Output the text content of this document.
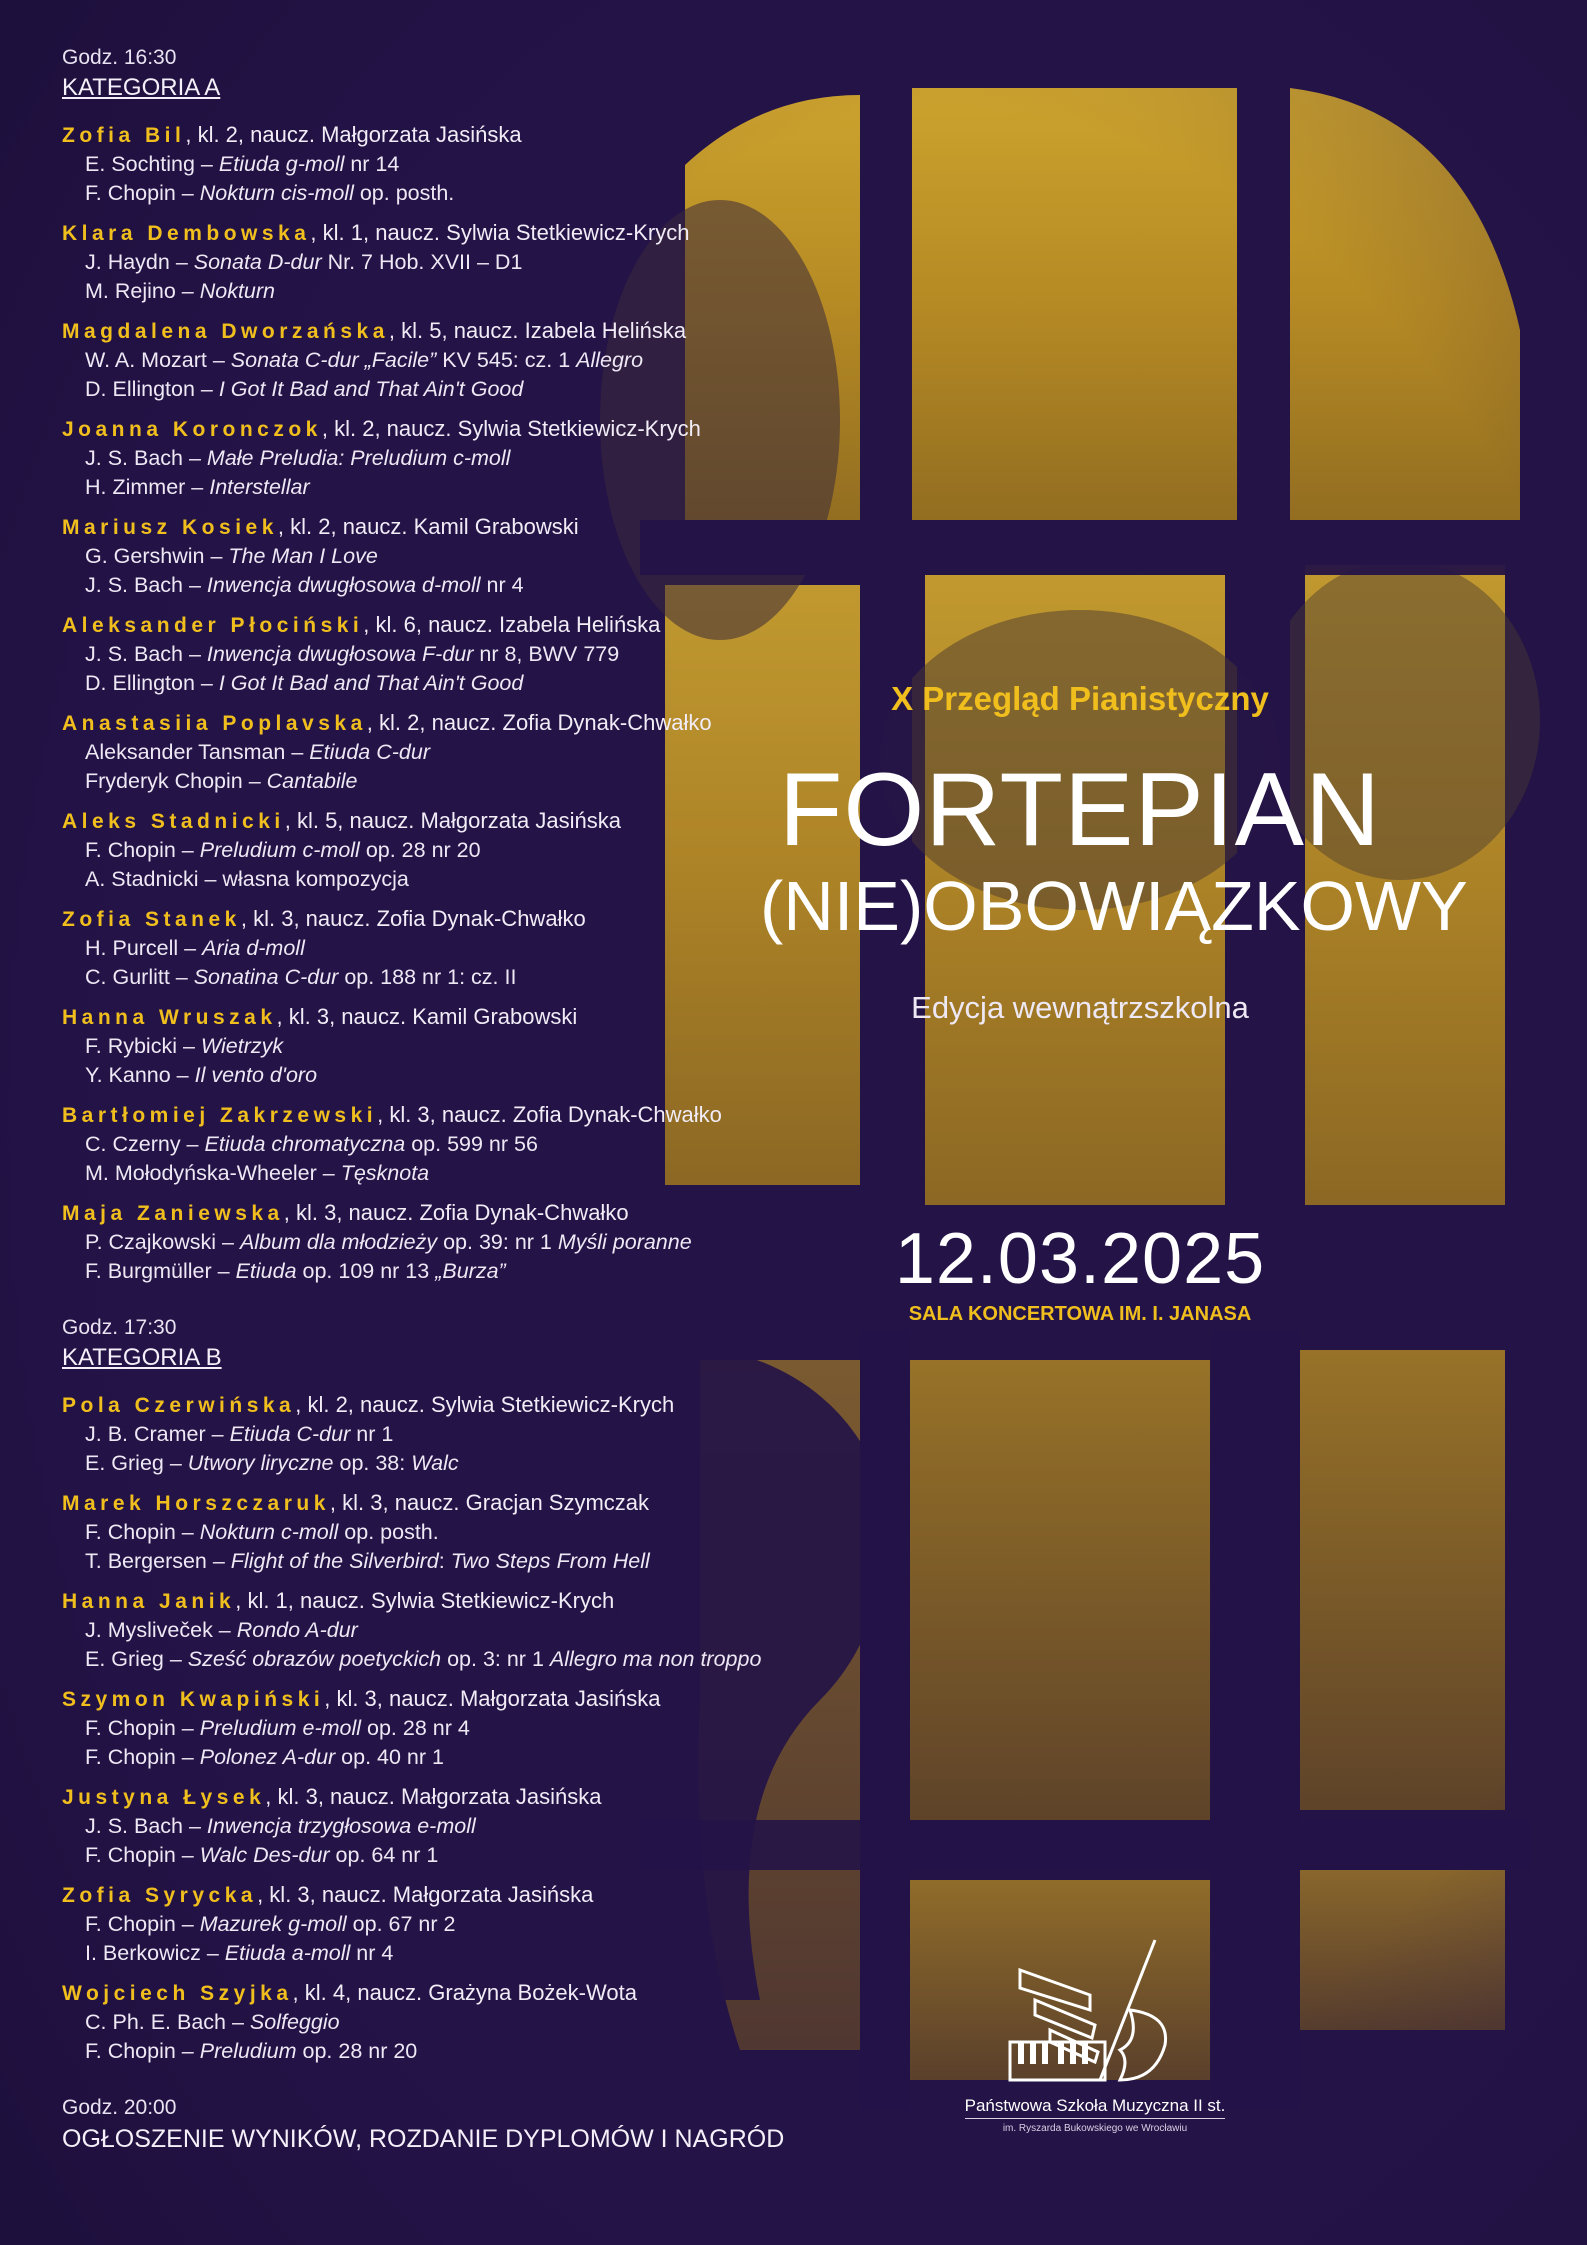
Godz. 16:30
KATEGORIA A
Zofia Bil, kl. 2, naucz. Małgorzata Jasińska
E. Sochting – Etiuda g-moll nr 14
F. Chopin – Nokturn cis-moll op. posth.
Klara Dembowska, kl. 1, naucz. Sylwia Stetkiewicz-Krych
J. Haydn – Sonata D-dur Nr. 7 Hob. XVII – D1
M. Rejino – Nokturn
Magdalena Dworzańska, kl. 5, naucz. Izabela Helińska
W. A. Mozart – Sonata C-dur „Facile” KV 545: cz. 1 Allegro
D. Ellington – I Got It Bad and That Ain't Good
Joanna Koronczok, kl. 2, naucz. Sylwia Stetkiewicz-Krych
J. S. Bach – Małe Preludia: Preludium c-moll
H. Zimmer – Interstellar
Mariusz Kosiek, kl. 2, naucz. Kamil Grabowski
G. Gershwin – The Man I Love
J. S. Bach – Inwencja dwugłosowa d-moll nr 4
Aleksander Płociński, kl. 6, naucz. Izabela Helińska
J. S. Bach – Inwencja dwugłosowa F-dur nr 8, BWV 779
D. Ellington – I Got It Bad and That Ain't Good
Anastasiia Poplavska, kl. 2, naucz. Zofia Dynak-Chwałko
Aleksander Tansman – Etiuda C-dur
Fryderyk Chopin – Cantabile
Aleks Stadnicki, kl. 5, naucz. Małgorzata Jasińska
F. Chopin – Preludium c-moll op. 28 nr 20
A. Stadnicki – własna kompozycja
Zofia Stanek, kl. 3, naucz. Zofia Dynak-Chwałko
H. Purcell – Aria d-moll
C. Gurlitt – Sonatina C-dur op. 188 nr 1: cz. II
Hanna Wruszak, kl. 3, naucz. Kamil Grabowski
F. Rybicki – Wietrzyk
Y. Kanno – Il vento d'oro
Bartłomiej Zakrzewski, kl. 3, naucz. Zofia Dynak-Chwałko
C. Czerny – Etiuda chromatyczna op. 599 nr 56
M. Mołodyńska-Wheeler – Tęsknota
Maja Zaniewska, kl. 3, naucz. Zofia Dynak-Chwałko
P. Czajkowski – Album dla młodzieży op. 39: nr 1 Myśli poranne
F. Burgmüller – Etiuda op. 109 nr 13 „Burza”
Godz. 17:30
KATEGORIA B
Pola Czerwińska, kl. 2, naucz. Sylwia Stetkiewicz-Krych
J. B. Cramer – Etiuda C-dur nr 1
E. Grieg – Utwory liryczne op. 38: Walc
Marek Horszczaruk, kl. 3, naucz. Gracjan Szymczak
F. Chopin – Nokturn c-moll op. posth.
T. Bergersen – Flight of the Silverbird: Two Steps From Hell
Hanna Janik, kl. 1, naucz. Sylwia Stetkiewicz-Krych
J. Mysliveček – Rondo A-dur
E. Grieg – Sześć obrazów poetyckich op. 3: nr 1 Allegro ma non troppo
Szymon Kwapiński, kl. 3, naucz. Małgorzata Jasińska
F. Chopin – Preludium e-moll op. 28 nr 4
F. Chopin – Polonez A-dur op. 40 nr 1
Justyna Łysek, kl. 3, naucz. Małgorzata Jasińska
J. S. Bach – Inwencja trzygłosowa e-moll
F. Chopin – Walc Des-dur op. 64 nr 1
Zofia Syrycka, kl. 3, naucz. Małgorzata Jasińska
F. Chopin – Mazurek g-moll op. 67 nr 2
I. Berkowicz – Etiuda a-moll nr 4
Wojciech Szyjka, kl. 4, naucz. Grażyna Bożek-Wota
C. Ph. E. Bach – Solfeggio
F. Chopin – Preludium op. 28 nr 20
Godz. 20:00
OGŁOSZENIE WYNIKÓW, ROZDANIE DYPLOMÓW I NAGRÓD
X Przegląd Pianistyczny
FORTEPIAN
(NIE)OBOWIĄZKOWY
Edycja wewnątrzszkolna
12.03.2025
SALA KONCERTOWA IM. I. JANASA
Państwowa Szkoła Muzyczna II st.
im. Ryszarda Bukowskiego we Wrocławiu
